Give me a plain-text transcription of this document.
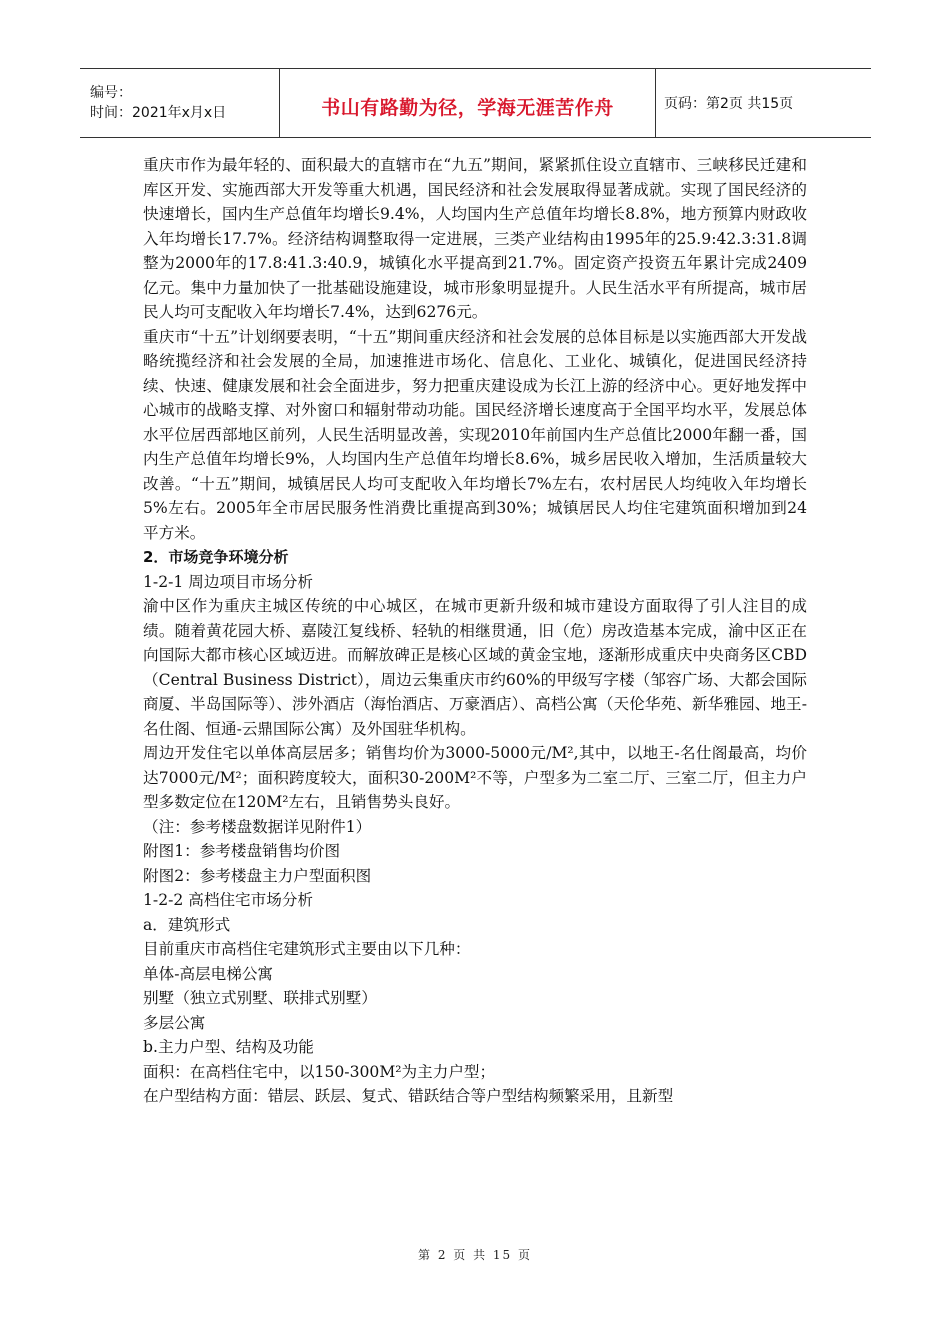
编号：
时间：2021年x月x日	书山有路勤为径，学海无涯苦作舟	页码：第2页 共15页

重庆市作为最年轻的、面积最大的直辖市在“九五”期间，紧紧抓住设立直辖市、三峡移民迁建和库区开发、实施西部大开发等重大机遇，国民经济和社会发展取得显著成就。实现了国民经济的快速增长，国内生产总值年均增长9.4%，人均国内生产总值年均增长8.8%，地方预算内财政收入年均增长17.7%。经济结构调整取得一定进展，三类产业结构由1995年的25.9:42.3:31.8调整为2000年的17.8:41.3:40.9，城镇化水平提高到21.7%。固定资产投资五年累计完成2409亿元。集中力量加快了一批基础设施建设，城市形象明显提升。人民生活水平有所提高，城市居民人均可支配收入年均增长7.4%，达到6276元。

重庆市“十五”计划纲要表明，“十五”期间重庆经济和社会发展的总体目标是以实施西部大开发战略统揽经济和社会发展的全局，加速推进市场化、信息化、工业化、城镇化，促进国民经济持续、快速、健康发展和社会全面进步，努力把重庆建设成为长江上游的经济中心。更好地发挥中心城市的战略支撑、对外窗口和辐射带动功能。国民经济增长速度高于全国平均水平，发展总体水平位居西部地区前列，人民生活明显改善，实现2010年前国内生产总值比2000年翻一番，国内生产总值年均增长9%，人均国内生产总值年均增长8.6%，城乡居民收入增加，生活质量较大改善。“十五”期间，城镇居民人均可支配收入年均增长7%左右，农村居民人均纯收入年均增长5%左右。2005年全市居民服务性消费比重提高到30%；城镇居民人均住宅建筑面积增加到24平方米。

2．市场竞争环境分析

1-2-1 周边项目市场分析

渝中区作为重庆主城区传统的中心城区，在城市更新升级和城市建设方面取得了引人注目的成绩。随着黄花园大桥、嘉陵江复线桥、轻轨的相继贯通，旧（危）房改造基本完成，渝中区正在向国际大都市核心区域迈进。而解放碑正是核心区域的黄金宝地，逐渐形成重庆中央商务区CBD（Central Business District），周边云集重庆市约60%的甲级写字楼（邹容广场、大都会国际商厦、半岛国际等）、涉外酒店（海怡酒店、万豪酒店）、高档公寓（天伦华苑、新华雅园、地王-名仕阁、恒通-云鼎国际公寓）及外国驻华机构。

周边开发住宅以单体高层居多；销售均价为3000-5000元/M²,其中，以地王-名仕阁最高，均价达7000元/M²；面积跨度较大，面积30-200M²不等，户型多为二室二厅、三室二厅，但主力户型多数定位在120M²左右，且销售势头良好。

（注：参考楼盘数据详见附件1）

附图1：参考楼盘销售均价图

附图2：参考楼盘主力户型面积图

1-2-2 高档住宅市场分析

a．建筑形式

目前重庆市高档住宅建筑形式主要由以下几种：

单体-高层电梯公寓

别墅（独立式别墅、联排式别墅）

多层公寓

b.主力户型、结构及功能

面积：在高档住宅中，以150-300M²为主力户型；

在户型结构方面：错层、跃层、复式、错跃结合等户型结构频繁采用，且新型

第 2 页 共 15 页
